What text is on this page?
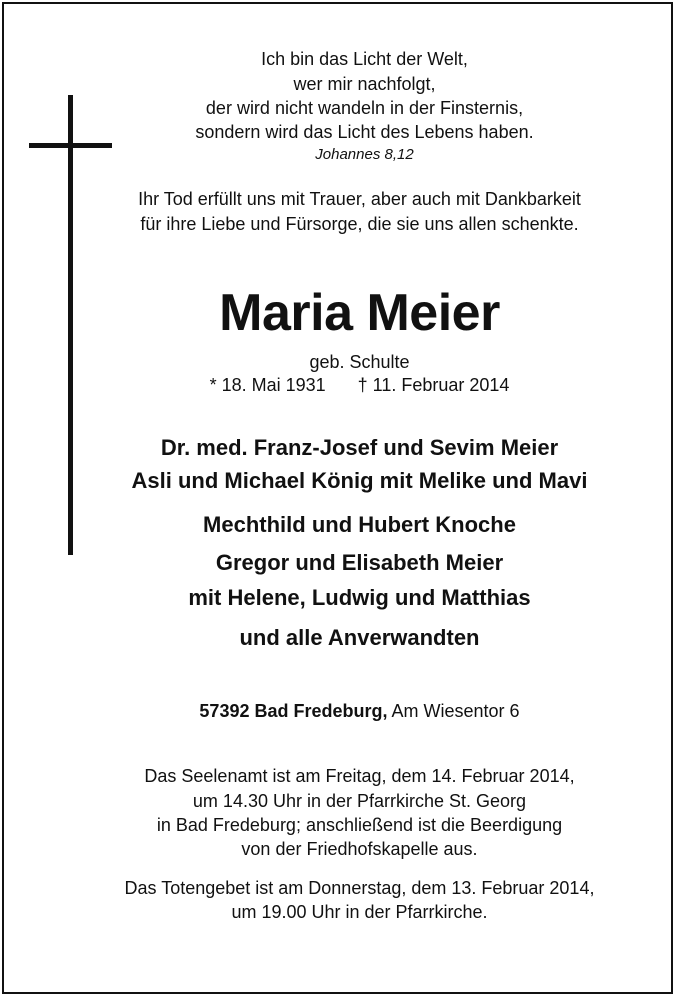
Ich bin das Licht der Welt,
wer mir nachfolgt,
der wird nicht wandeln in der Finsternis,
sondern wird das Licht des Lebens haben.
Johannes 8,12
Ihr Tod erfüllt uns mit Trauer, aber auch mit Dankbarkeit
für ihre Liebe und Fürsorge, die sie uns allen schenkte.
Maria Meier
geb. Schulte
* 18. Mai 1931 † 11. Februar 2014
Dr. med. Franz-Josef und Sevim Meier
Asli und Michael König mit Melike und Mavi
Mechthild und Hubert Knoche
Gregor und Elisabeth Meier
mit Helene, Ludwig und Matthias
und alle Anverwandten
57392 Bad Fredeburg, Am Wiesentor 6
Das Seelenamt ist am Freitag, dem 14. Februar 2014,
um 14.30 Uhr in der Pfarrkirche St. Georg
in Bad Fredeburg; anschließend ist die Beerdigung
von der Friedhofskapelle aus.
Das Totengebet ist am Donnerstag, dem 13. Februar 2014,
um 19.00 Uhr in der Pfarrkirche.
